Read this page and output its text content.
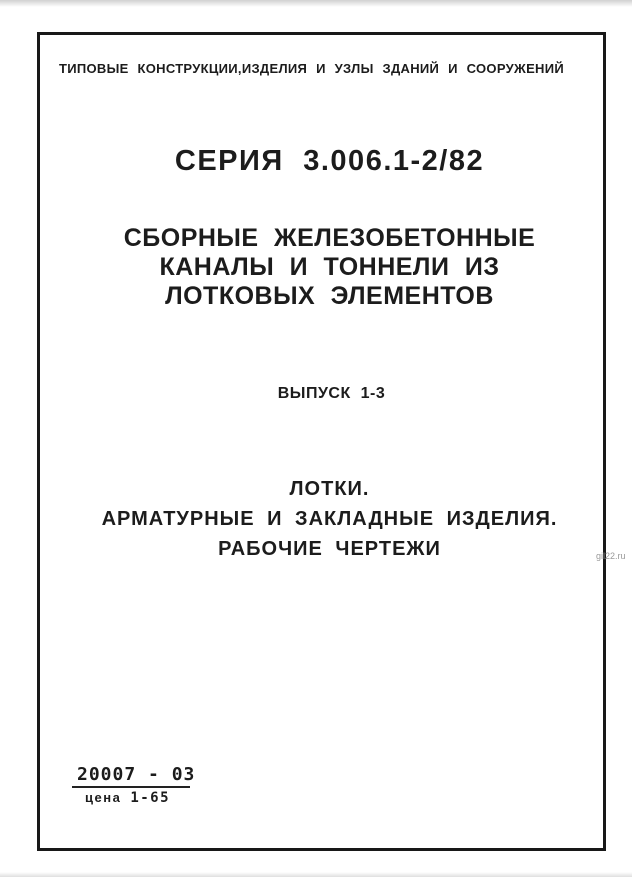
ТИПОВЫЕ КОНСТРУКЦИИ,ИЗДЕЛИЯ И УЗЛЫ ЗДАНИЙ И СООРУЖЕНИЙ
СЕРИЯ 3.006.1-2/82
СБОРНЫЕ ЖЕЛЕЗОБЕТОННЫЕ
КАНАЛЫ И ТОННЕЛИ ИЗ
ЛОТКОВЫХ ЭЛЕМЕНТОВ
ВЫПУСК 1-3
ЛОТКИ.
АРМАТУРНЫЕ И ЗАКЛАДНЫЕ ИЗДЕЛИЯ.
РАБОЧИЕ ЧЕРТЕЖИ
20007 - 03
цена 1-65
gil22.ru
